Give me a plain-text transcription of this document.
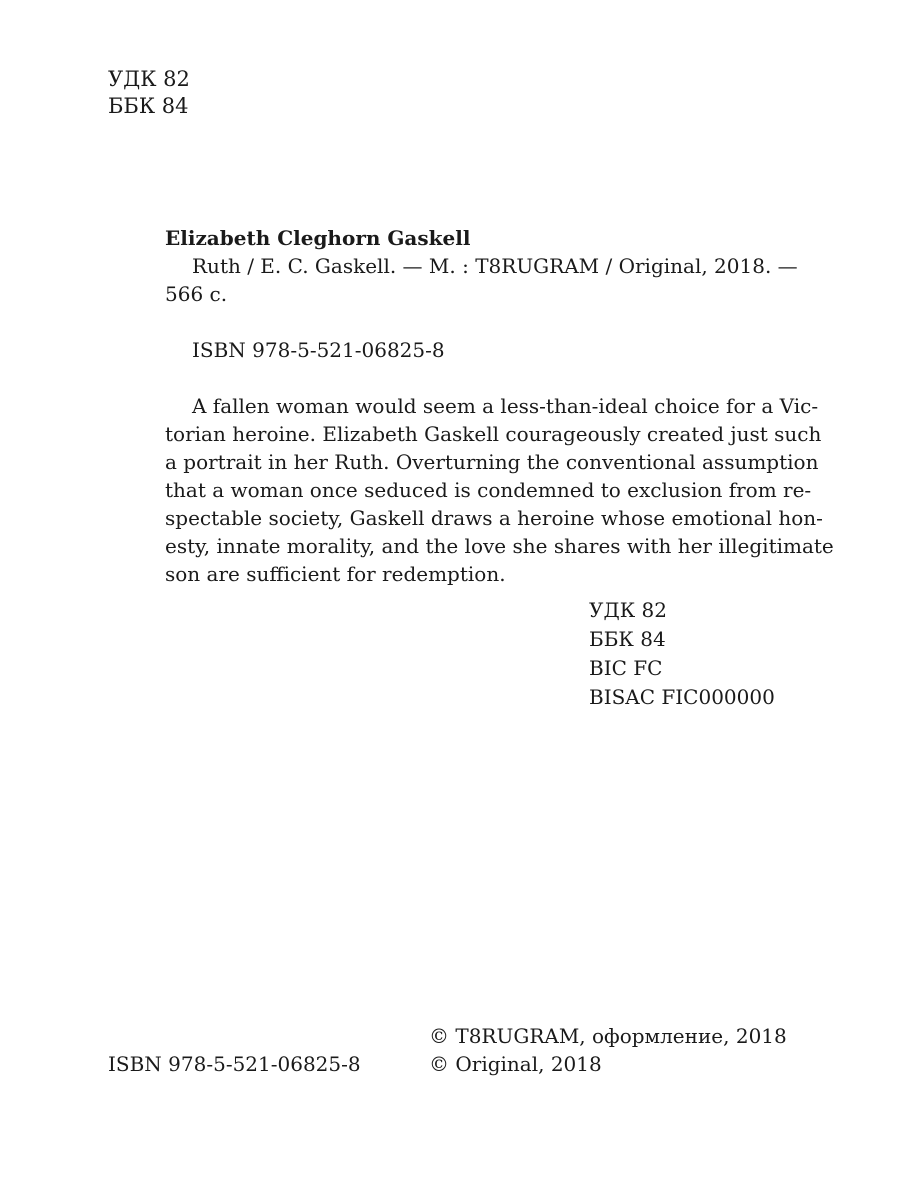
УДК 82
ББК 84
Elizabeth Cleghorn Gaskell
Ruth / E. C. Gaskell. — M. : T8RUGRAM / Original, 2018. —
566 с.
ISBN 978-5-521-06825-8
A fallen woman would seem a less-than-ideal choice for a Vic-
torian heroine. Elizabeth Gaskell courageously created just such
a portrait in her Ruth. Overturning the conventional assumption
that a woman once seduced is condemned to exclusion from re-
spectable society, Gaskell draws a heroine whose emotional hon-
esty, innate morality, and the love she shares with her illegitimate
son are sufficient for redemption.
УДК 82
ББК 84
BIC FC
BISAC FIC000000
© T8RUGRAM, оформление, 2018
© Original, 2018
ISBN 978-5-521-06825-8
